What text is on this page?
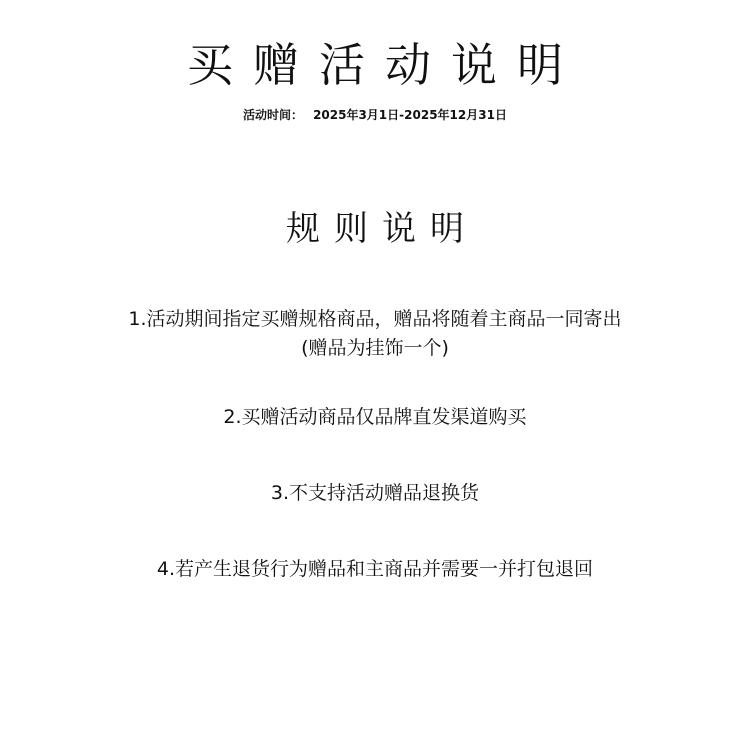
买赠活动说明
活动时间： 2025年3月1日-2025年12月31日
规则说明
1.活动期间指定买赠规格商品，赠品将随着主商品一同寄出
(赠品为挂饰一个)
2.买赠活动商品仅品牌直发渠道购买
3.不支持活动赠品退换货
4.若产生退货行为赠品和主商品并需要一并打包退回
